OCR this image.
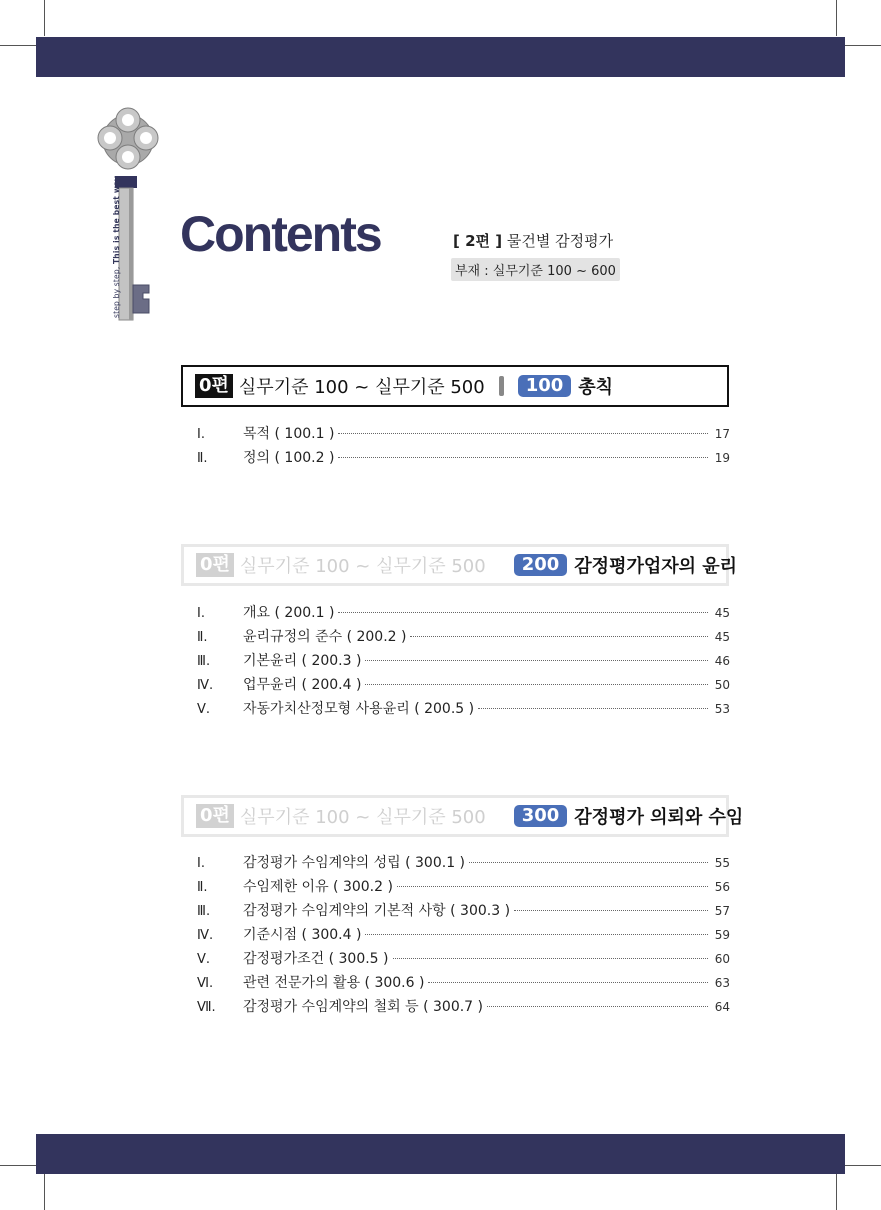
step by step, This is the best way Contents	[ 2편 ] 물건별 감정평가
부재 : 실무기준 100 ~ 600
0편 실무기준 100 ~ 실무기준 500	100 총칙
Ⅰ.	목적 ( 100.1 )	17
Ⅱ.	정의 ( 100.2 )	19
0편 실무기준 100 ~ 실무기준 500	200 감정평가업자의 윤리
Ⅰ.	개요 ( 200.1 )	45
Ⅱ.	윤리규정의 준수 ( 200.2 )	45
Ⅲ.	기본윤리 ( 200.3 )	46
Ⅳ.	업무윤리 ( 200.4 )	50
Ⅴ.	자동가치산정모형 사용윤리 ( 200.5 )	53
0편 실무기준 100 ~ 실무기준 500	300 감정평가 의뢰와 수임
Ⅰ.	감정평가 수임계약의 성립 ( 300.1 )	55
Ⅱ.	수임제한 이유 ( 300.2 )	56
Ⅲ.	감정평가 수임계약의 기본적 사항 ( 300.3 )	57
Ⅳ.	기준시점 ( 300.4 )	59
Ⅴ.	감정평가조건 ( 300.5 )	60
Ⅵ.	관련 전문가의 활용 ( 300.6 )	63
Ⅶ.	감정평가 수임계약의 철회 등 ( 300.7 )	64
